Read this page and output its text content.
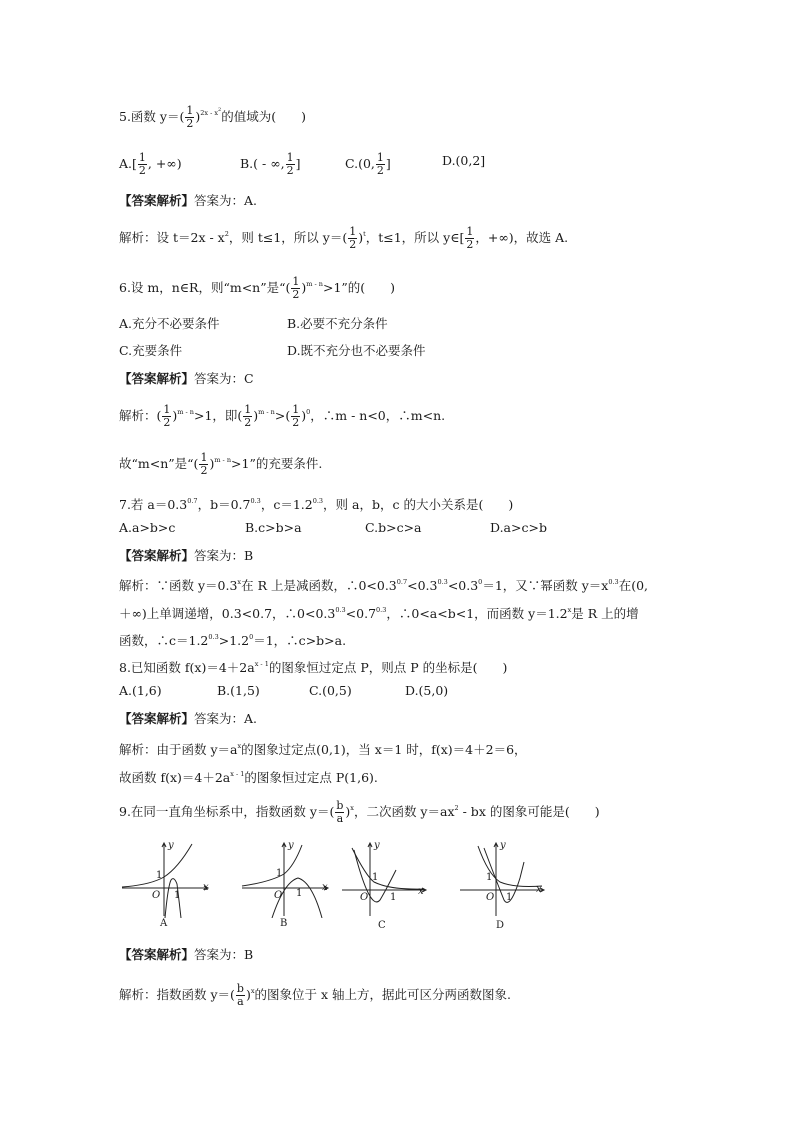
5.函数 $y=( \frac{1}{2} )^{2x - x^2}$的值域为(　　)
$A.[ \frac{1}{2}$ , +∞)	B.( - ∞, $\frac{1}{2}$ ]	C.(0, $\frac{1}{2}$ ]	D.(0,2]
【答案解析】答案为：A.
解析：设 $t=2x - x^2$，则 t≤1，所以 $y=( \frac{1}{2} )^t$，t≤1，所以 y∈[ $\frac{1}{2}$ ，+∞)，故选 A.
6.设 m，n∈R，则“m<n”是“( $\frac{1}{2} )^{m - n}>1$”的(　　)
A.充分不必要条件	B.必要不充分条件
C.充要条件	D.既不充分也不必要条件
【答案解析】答案为：C
解析：( $\frac{1}{2} )^{m - n}>1$，即( $\frac{1}{2} )^{m - n}>( \frac{1}{2} )^0$，∴m - n<0，∴m<n.
故“m<n”是“( $\frac{1}{2} )^{m - n}>1$”的充要条件.
7.若 $a=0.3^{0.7}$，$b=0.7^{0.3}$，$c=1.2^{0.3}$，则 a，b，c 的大小关系是(　　)
A.a>b>c	B.c>b>a	C.b>c>a	D.a>c>b
【答案解析】答案为：B
解析：∵函数 $y=0.3^x$在 R 上是减函数，$\therefore 0<0.3^{0.7}<0.3^{0.3}<0.3^0=1$，又∵幂函数 $y=x^{0.3}$在(0,
＋∞)上单调递增，0.3<0.7，$\therefore 0<0.3^{0.3}<0.7^{0.3}$，∴0<a<b<1，而函数 $y=1.2^x$是 R 上的增
函数，$\therefore c=1.2^{0.3}>1.2^0=1$，∴c>b>a.
8.已知函数 $f(x)=4+2a^{x - 1}$的图象恒过定点 P，则点 P 的坐标是(　　)
A.(1,6)	B.(1,5)	C.(0,5)	D.(5,0)
【答案解析】答案为：A.
解析：由于函数 $y=a^x$的图象过定点(0,1)，当 x＝1 时，f(x)＝4＋2＝6，
故函数 $f(x)=4+2a^{x - 1}$的图象恒过定点 P(1,6).
9.在同一直角坐标系中，指数函数 $y=( \frac{b}{a} )^x$，二次函数 $y=ax^2$ - bx 的图象可能是(　　)
y
x
O
1
1
A
y
x
O
1
1
B
y
x
O
1
1
C
y
x
O
1
1
D
【答案解析】答案为：B
解析：指数函数 $y=( \frac{b}{a} )^x$的图象位于 x 轴上方，据此可区分两函数图象.
